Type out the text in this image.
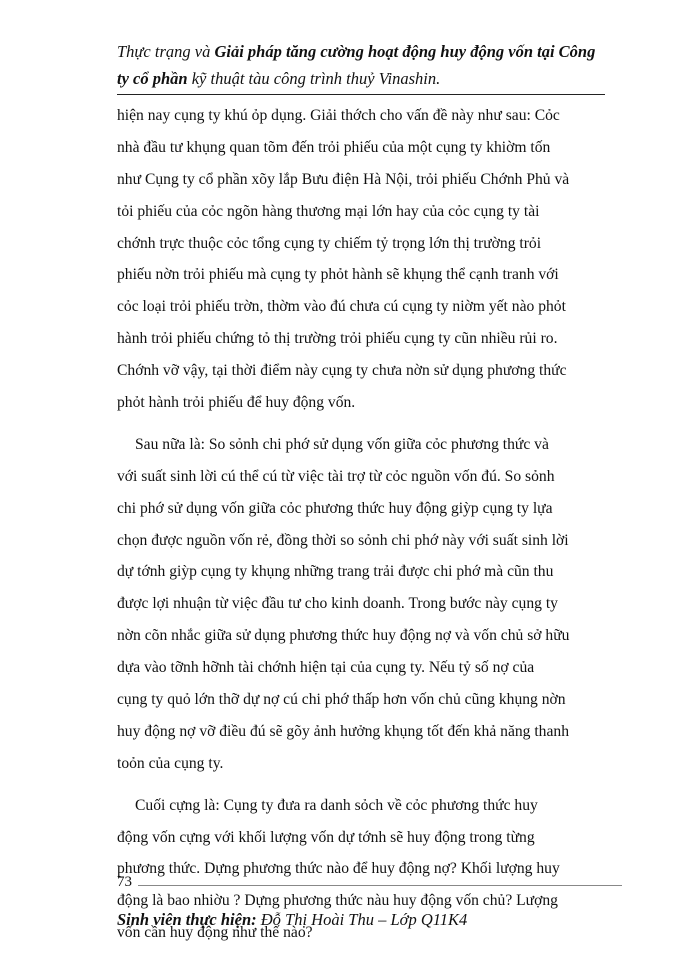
Thực trạng và Giải pháp tăng cường hoạt động huy động vốn tại Công
ty cổ phần kỹ thuật tàu công trình thuỷ Vinashin.
hiện nay cụng ty khú ỏp dụng. Giải thớch cho vấn đề này như sau: Cỏc
nhà đầu tư khụng quan tõm đến trỏi phiếu của một cụng ty khiờm tốn
như Cụng ty cổ phần xõy lắp Bưu điện Hà Nội, trỏi phiếu Chớnh Phủ và
tỏi phiếu của cỏc ngõn hàng thương mại lớn hay của cỏc cụng ty tài
chớnh trực thuộc cỏc tổng cụng ty chiếm tỷ trọng lớn thị trường trỏi
phiếu nờn trỏi phiếu mà cụng ty phỏt hành sẽ khụng thể cạnh tranh với
cỏc loại trỏi phiếu trờn, thờm vào đú chưa cú cụng ty niờm yết nào phỏt
hành trỏi phiếu chứng tỏ thị trường trỏi phiếu cụng ty cũn nhiều rủi ro.
Chớnh vỡ vậy, tại thời điểm này cụng ty chưa nờn sử dụng phương thức
phỏt hành trỏi phiếu để huy động vốn.
Sau nữa là: So sỏnh chi phớ sử dụng vốn giữa cỏc phương thức và
với suất sinh lời cú thể cú từ việc tài trợ từ cỏc nguồn vốn đú. So sỏnh
chi phớ sử dụng vốn giữa cỏc phương thức huy động giỳp cụng ty lựa
chọn được nguồn vốn rẻ, đồng thời so sỏnh chi phớ này với suất sinh lời
dự tớnh giỳp cụng ty khụng những trang trải được chi phớ mà cũn thu
được lợi nhuận từ việc đầu tư cho kinh doanh. Trong bước này cụng ty
nờn cõn nhắc giữa sử dụng phương thức huy động nợ và vốn chủ sở hữu
dựa vào tỡnh hỡnh tài chớnh hiện tại của cụng ty. Nếu tỷ số nợ của
cụng ty quỏ lớn thỡ dự nợ cú chi phớ thấp hơn vốn chủ cũng khụng nờn
huy động nợ vỡ điều đú sẽ gõy ảnh hưởng khụng tốt đến khả năng thanh
toỏn của cụng ty.
Cuối cựng là: Cụng ty đưa ra danh sỏch về cỏc phương thức huy
động vốn cựng với khối lượng vốn dự tớnh sẽ huy động trong từng
phương thức. Dựng phương thức nào để huy động nợ? Khối lượng huy
động là bao nhiờu ? Dựng phương thức nàu huy động vốn chủ? Lượng
vốn cần huy động như thế nào?
73
Sinh viên thực hiện: Đỗ Thị Hoài Thu – Lớp Q11K4
